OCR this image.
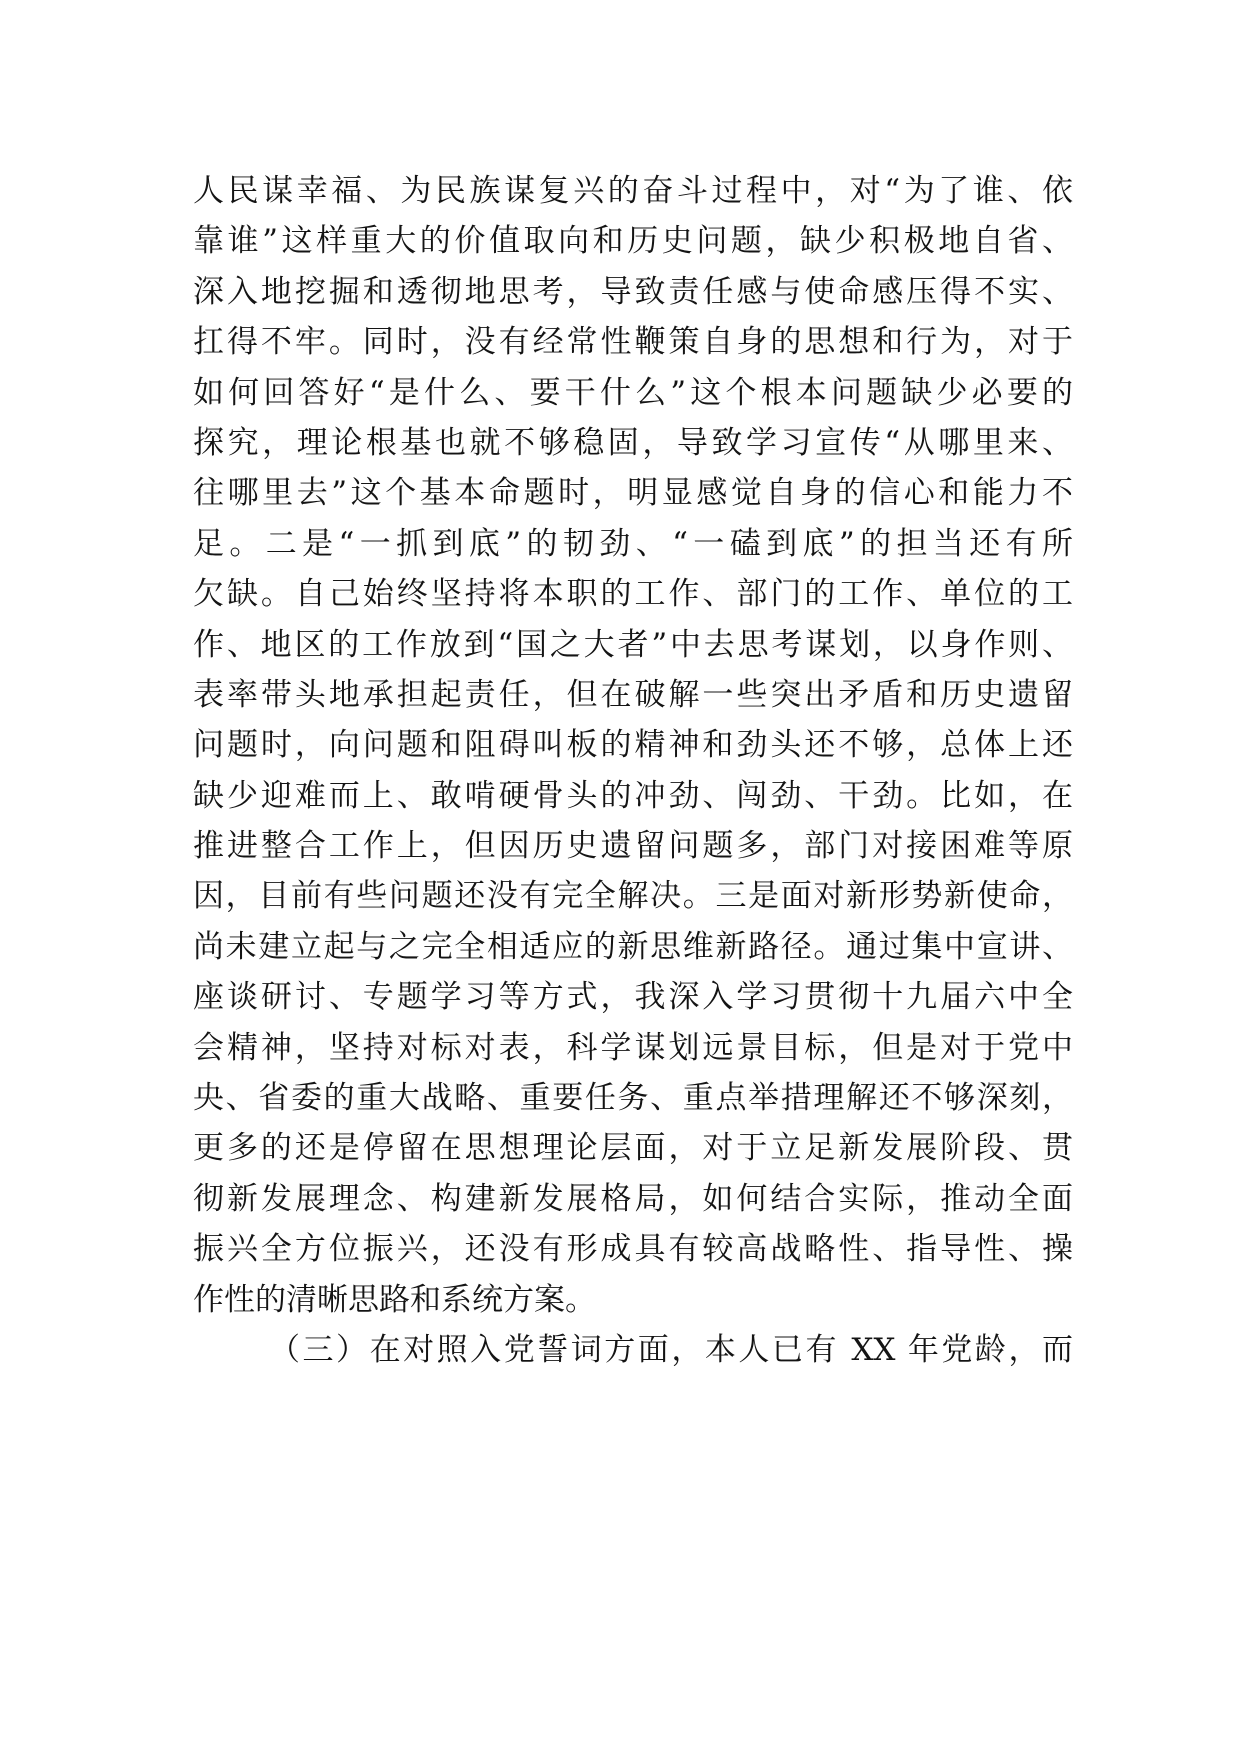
人民谋幸福、为民族谋复兴的奋斗过程中，对“为了谁、依
靠谁”这样重大的价值取向和历史问题，缺少积极地自省、
深入地挖掘和透彻地思考，导致责任感与使命感压得不实、
扛得不牢。同时，没有经常性鞭策自身的思想和行为，对于
如何回答好“是什么、要干什么”这个根本问题缺少必要的
探究，理论根基也就不够稳固，导致学习宣传“从哪里来、
往哪里去”这个基本命题时，明显感觉自身的信心和能力不
足。二是“一抓到底”的韧劲、“一磕到底”的担当还有所
欠缺。自己始终坚持将本职的工作、部门的工作、单位的工
作、地区的工作放到“国之大者”中去思考谋划，以身作则、
表率带头地承担起责任，但在破解一些突出矛盾和历史遗留
问题时，向问题和阻碍叫板的精神和劲头还不够，总体上还
缺少迎难而上、敢啃硬骨头的冲劲、闯劲、干劲。比如，在
推进整合工作上，但因历史遗留问题多，部门对接困难等原
因，目前有些问题还没有完全解决。三是面对新形势新使命，
尚未建立起与之完全相适应的新思维新路径。通过集中宣讲、
座谈研讨、专题学习等方式，我深入学习贯彻十九届六中全
会精神，坚持对标对表，科学谋划远景目标，但是对于党中
央、省委的重大战略、重要任务、重点举措理解还不够深刻，
更多的还是停留在思想理论层面，对于立足新发展阶段、贯
彻新发展理念、构建新发展格局，如何结合实际，推动全面
振兴全方位振兴，还没有形成具有较高战略性、指导性、操
作性的清晰思路和系统方案。
（三）在对照入党誓词方面，本人已有 XX 年党龄，而
